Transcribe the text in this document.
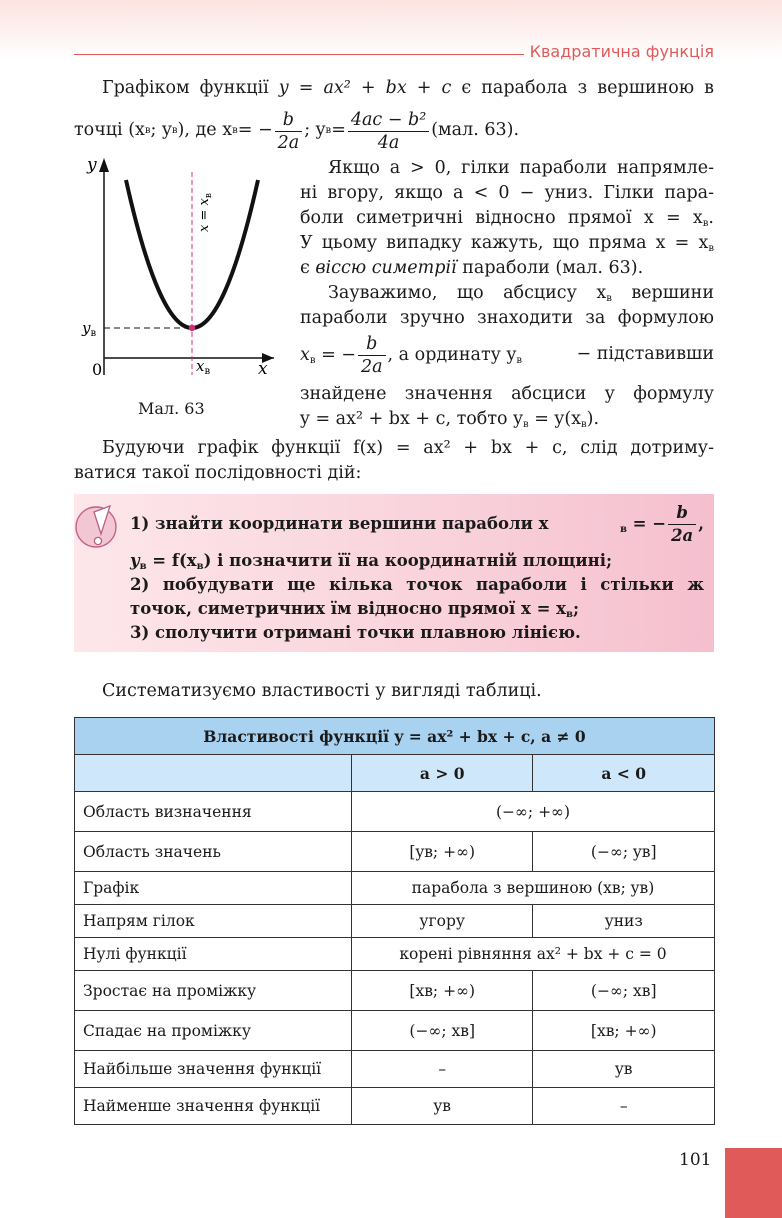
Квадратична функція
Графіком функції y = ax² + bx + c є парабола з вершиною в
точці (x в ; y в ), де x в = − $\frac{b}{2a}$ ; y $в = \frac{\text{4ac − b²}}{4a} (мал$. 63).
y
x
0
$y_в$
$x_в$
$x = x_в$
Мал. 63
Якщо a > 0, гілки параболи напрямле-
ні вгору, якщо a < 0 − униз. Гілки пара-
боли симетричні відносно прямої $x = x_в$.
У цьому випадку кажуть, що пряма $x = x_в$
є віссю симетрії параболи (мал. 63).
Зауважимо, що абсцису $x_в$ вершини
параболи зручно знаходити за формулою
$x_в$ = − $\frac{b}{2a}$ , а ординату $y_в$	− підставивши
знайдене значення абсциси у формулу
y = ax² + bx + c, тобто $y_в = y(x_в)$.
Будуючи графік функції f(x) = ax² + bx + c, слід дотриму-
ватися такої послідовності дій:
1) знайти координати вершини параболи x	$_в$ = − $\frac{b}{2a}$ ,
$y_в = f(x_в)$ і позначити її на координатній площині;
2) побудувати ще кілька точок параболи і стільки ж
точок, симетричних їм відносно прямої $x = x_в$;
3) сполучити отримані точки плавною лінією.
Систематизуємо властивості у вигляді таблиці.
Властивості функції y = ax² + bx + c, a ≠ 0		
	a > 0	a < 0
Область визначення	(−∞; +∞)	
Область значень	[yв; +∞)	(−∞; yв]
Графік	парабола з вершиною (xв; yв)	
Напрям гілок	угору	униз
Нулі функції	корені рівняння ax² + bx + c = 0	
Зростає на проміжку	[xв; +∞)	(−∞; xв]
Спадає на проміжку	(−∞; xв]	[xв; +∞)
Найбільше значення функції	–	yв
Найменше значення функції	yв	–
101
